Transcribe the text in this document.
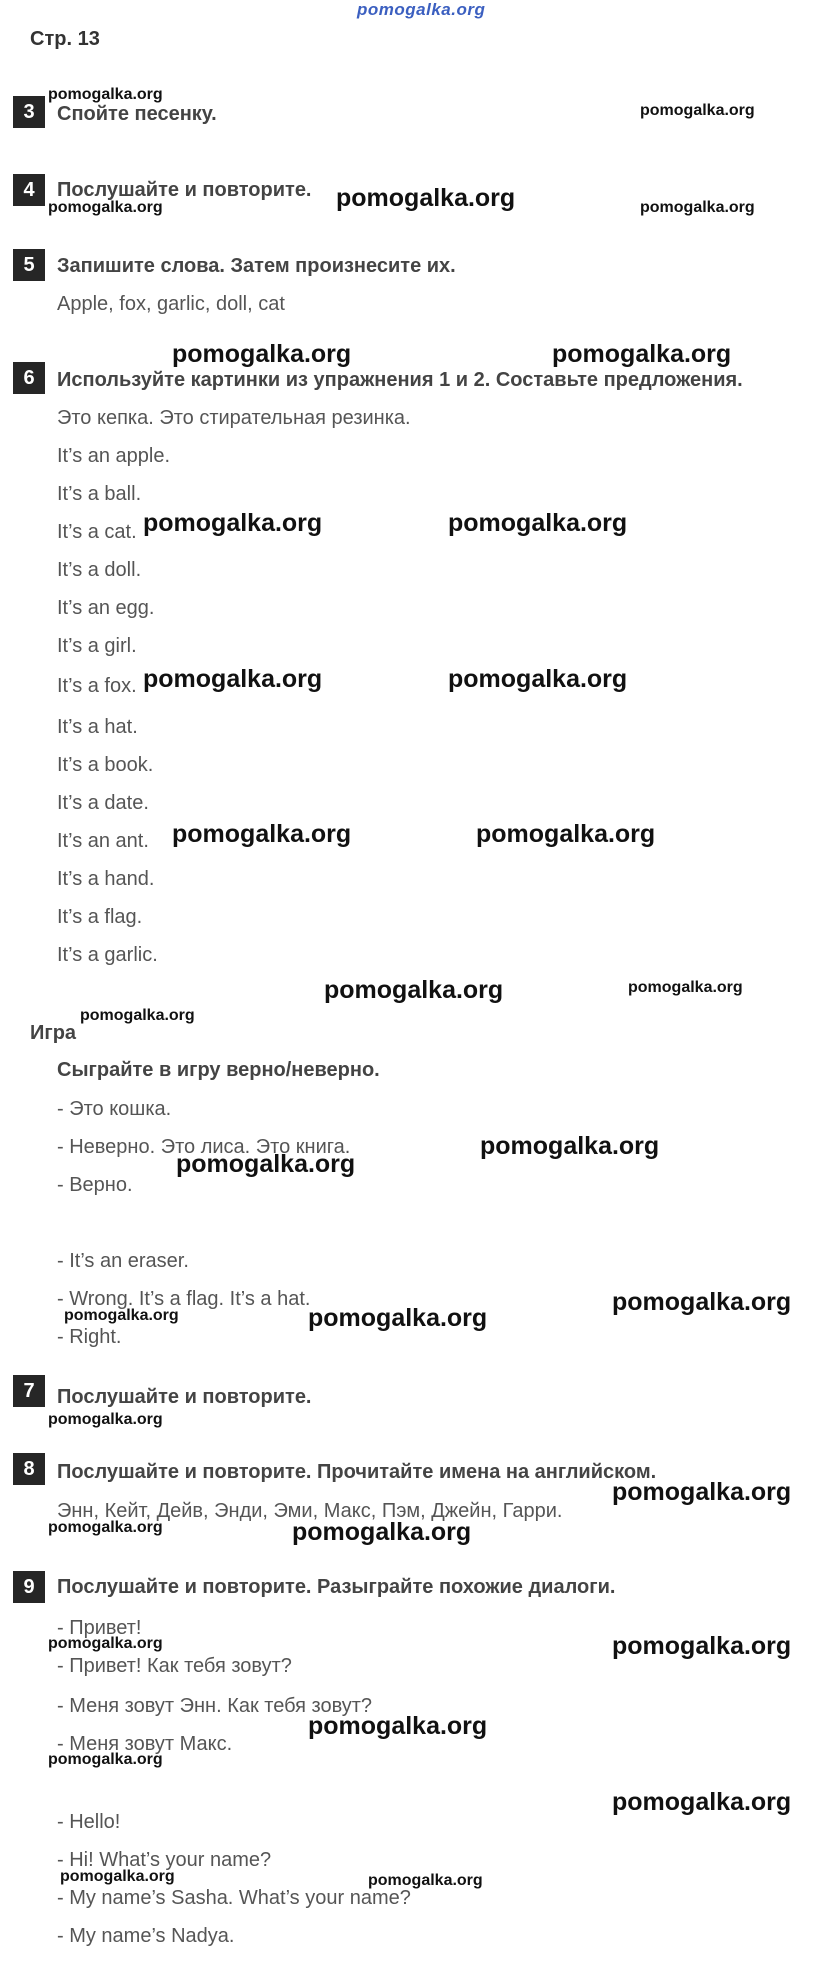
pomogalka.org
Стр. 13
3	Спойте песенку.
4	Послушайте и повторите.
5	Запишите слова. Затем произнесите их.
Apple, fox, garlic, doll, cat
6	Используйте картинки из упражнения 1 и 2. Составьте предложения.
Это кепка. Это стирательная резинка.
It’s an apple.
It’s a ball.
It’s a cat.
It’s a doll.
It’s an egg.
It’s a girl.
It’s a fox.
It’s a hat.
It’s a book.
It’s a date.
It’s an ant.
It’s a hand.
It’s a flag.
It’s a garlic.
Игра
Сыграйте в игру верно/неверно.
- Это кошка.
- Неверно. Это лиса. Это книга.
- Верно.
- It’s an eraser.
- Wrong. It’s a flag. It’s a hat.
- Right.
7	Послушайте и повторите.
8	Послушайте и повторите. Прочитайте имена на английском.
Энн, Кейт, Дейв, Энди, Эми, Макс, Пэм, Джейн, Гарри.
9	Послушайте и повторите. Разыграйте похожие диалоги.
- Привет!
- Привет! Как тебя зовут?
- Меня зовут Энн. Как тебя зовут?
- Меня зовут Макс.
- Hello!
- Hi! What’s your name?
- My name’s Sasha. What’s your name?
- My name’s Nadya.
pomogalka.org
pomogalka.org
pomogalka.org
pomogalka.org	pomogalka.org
pomogalka.org	pomogalka.org
pomogalka.org	pomogalka.org
pomogalka.org	pomogalka.org
pomogalka.org	pomogalka.org
pomogalka.org	pomogalka.org
pomogalka.org
pomogalka.org
pomogalka.org
pomogalka.org
pomogalka.org	pomogalka.org
pomogalka.org
pomogalka.org
pomogalka.org	pomogalka.org
pomogalka.org	pomogalka.org
pomogalka.org
pomogalka.org
pomogalka.org
pomogalka.org	pomogalka.org
